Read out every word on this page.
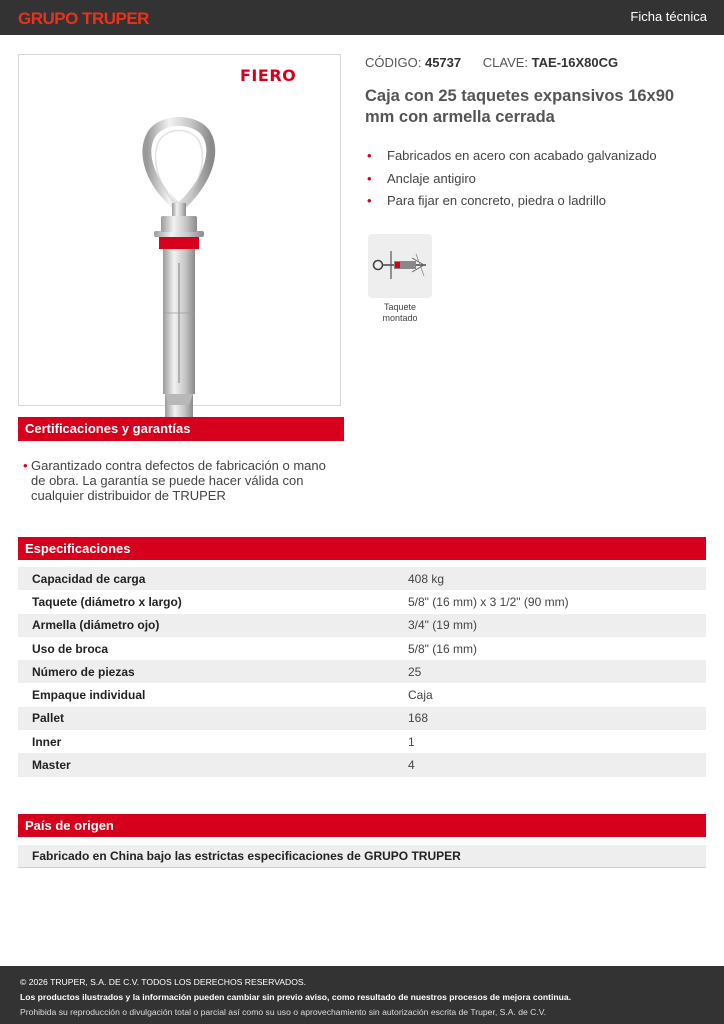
GRUPO TRUPER	Ficha técnica
FIERO
CÓDIGO: 45737 CLAVE: TAE-16X80CG
Caja con 25 taquetes expansivos 16x90 mm con armella cerrada
• Fabricados en acero con acabado galvanizado
• Anclaje antigiro
• Para fijar en concreto, piedra o ladrillo
Taquete montado
Certificaciones y garantías
• Garantizado contra defectos de fabricación o mano de obra. La garantía se puede hacer válida con cualquier distribuidor de TRUPER
Especificaciones
Capacidad de carga	408 kg
Taquete (diámetro x largo)	5/8" (16 mm) x 3 1/2" (90 mm)
Armella (diámetro ojo)	3/4" (19 mm)
Uso de broca	5/8" (16 mm)
Número de piezas	25
Empaque individual	Caja
Pallet	168
Inner	1
Master	4
País de origen
Fabricado en China bajo las estrictas especificaciones de GRUPO TRUPER

© 2026 TRUPER, S.A. DE C.V. TODOS LOS DERECHOS RESERVADOS.

Los productos ilustrados y la información pueden cambiar sin previo aviso, como resultado de nuestros procesos de mejora continua.

Prohibida su reproducción o divulgación total o parcial así como su uso o aprovechamiento sin autorización escrita de Truper, S.A. de C.V.
